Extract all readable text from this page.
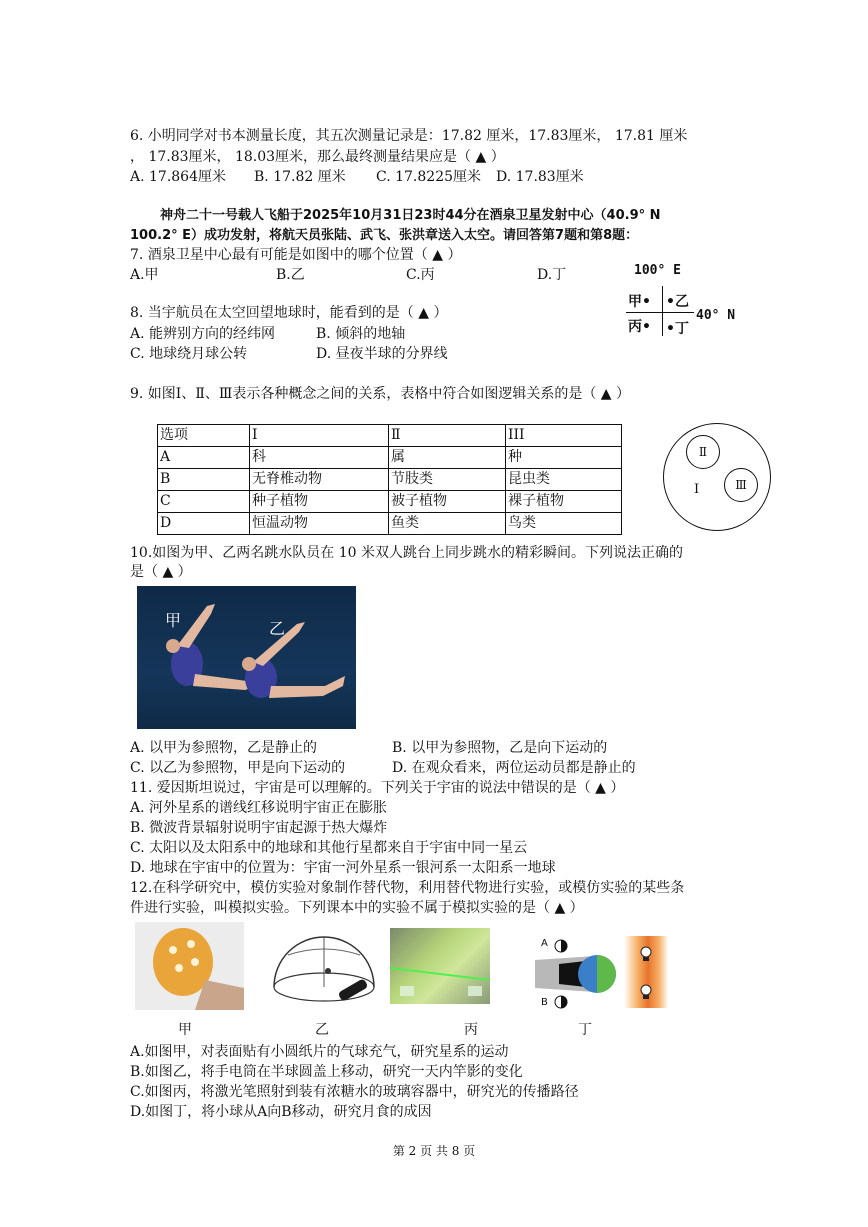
6. 小明同学对书本测量长度，其五次测量记录是：17.82 厘米，17.83厘米， 17.81 厘米
， 17.83厘米， 18.03厘米，那么最终测量结果应是（ ▲ ）
A. 17.864厘米 B. 17.82 厘米 C. 17.8225厘米 D. 17.83厘米
神舟二十一号载人飞船于2025年10月31日23时44分在酒泉卫星发射中心（40.9° N
100.2° E）成功发射，将航天员张陆、武飞、张洪章送入太空。请回答第7题和第8题：
7. 酒泉卫星中心最有可能是如图中的哪个位置（ ▲ ）
A.甲	B.乙	C.丙	D.丁	100° E
甲• •乙
丙• •丁
40° N
8. 当宇航员在太空回望地球时，能看到的是（ ▲ ）
A. 能辨别方向的经纬网	B. 倾斜的地轴
C. 地球绕月球公转	D. 昼夜半球的分界线
9. 如图Ⅰ、Ⅱ、Ⅲ表示各种概念之间的关系，表格中符合如图逻辑关系的是（ ▲ ）
选项	I	Ⅱ	III
A	科	属	种
B	无脊椎动物	节肢类	昆虫类
C	种子植物	被子植物	裸子植物
D	恒温动物	鱼类	鸟类
Ⅱ
I	Ⅲ
10.如图为甲、乙两名跳水队员在 10 米双人跳台上同步跳水的精彩瞬间。下列说法正确的
是（ ▲ ）
甲	乙
A. 以甲为参照物，乙是静止的	B. 以甲为参照物，乙是向下运动的
C. 以乙为参照物，甲是向下运动的	D. 在观众看来，两位运动员都是静止的
11. 爱因斯坦说过，宇宙是可以理解的。下列关于宇宙的说法中错误的是（ ▲ ）
A. 河外星系的谱线红移说明宇宙正在膨胀
B. 微波背景辐射说明宇宙起源于热大爆炸
C. 太阳以及太阳系中的地球和其他行星都来自于宇宙中同一星云
D. 地球在宇宙中的位置为：宇宙一河外星系一银河系一太阳系一地球
12.在科学研究中，模仿实验对象制作替代物，利用替代物进行实验，或模仿实验的某些条
件进行实验，叫模拟实验。下列课本中的实验不属于模拟实验的是（ ▲ ）
A
B
甲	乙	丙	丁
A.如图甲，对表面贴有小圆纸片的气球充气，研究星系的运动
B.如图乙，将手电筒在半球圆盖上移动，研究一天内竿影的变化
C.如图丙，将激光笔照射到装有浓糖水的玻璃容器中，研究光的传播路径
D.如图丁，将小球从A向B移动，研究月食的成因
第 2 页 共 8 页
